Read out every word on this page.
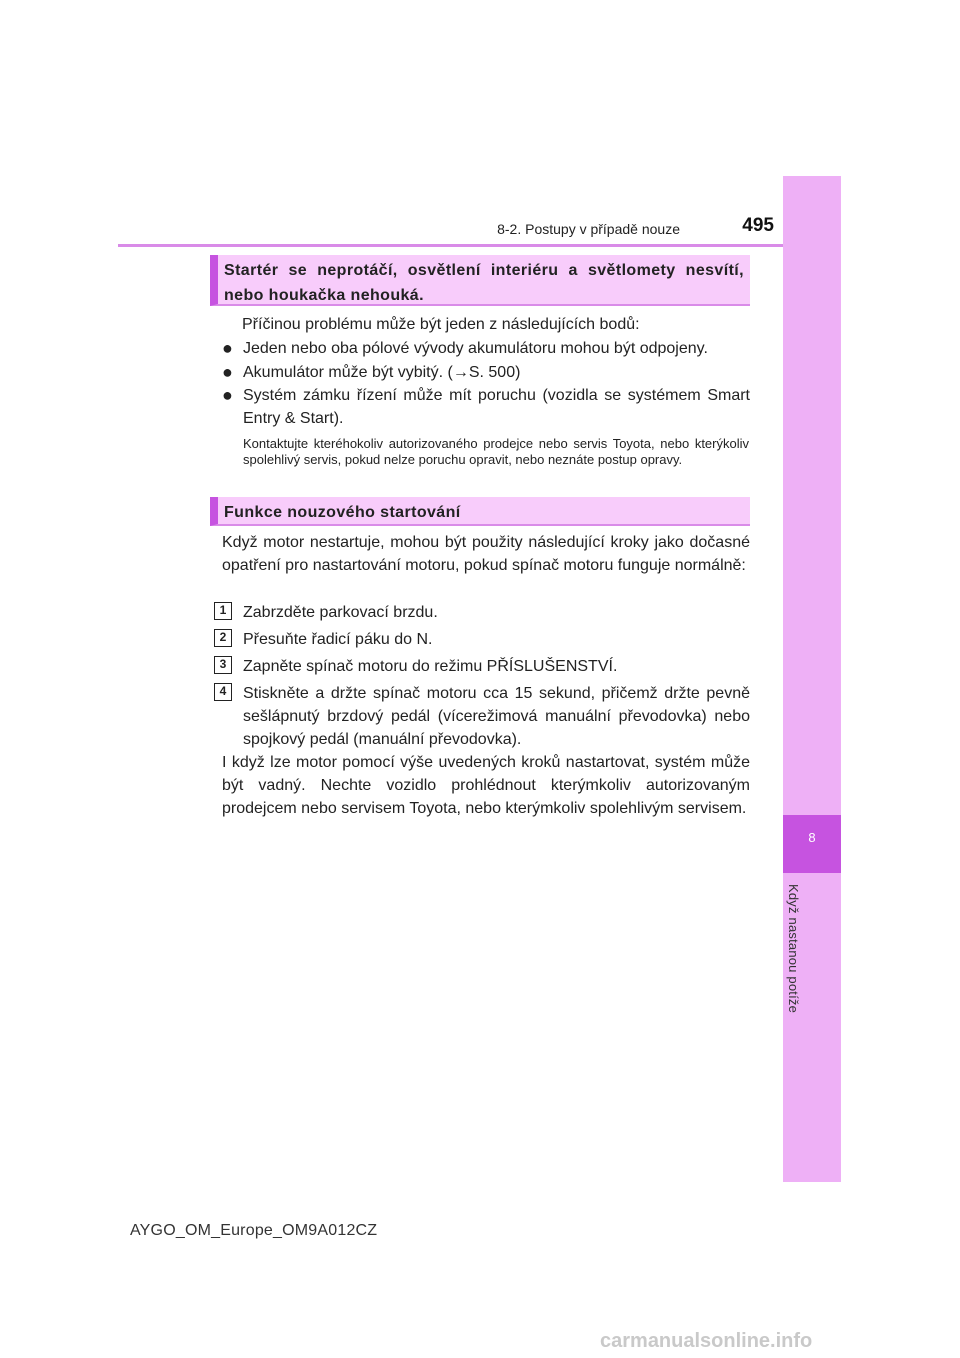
8-2. Postupy v případě nouze	495
8
Když nastanou potíže
Startér se neprotáčí, osvětlení interiéru a světlomety nesvítí, nebo houkačka nehouká.
Příčinou problému může být jeden z následujících bodů:
● Jeden nebo oba pólové vývody akumulátoru mohou být odpojeny.
● Akumulátor může být vybitý. (→S. 500)
● Systém zámku řízení může mít poruchu (vozidla se systémem Smart Entry & Start).
Kontaktujte kteréhokoliv autorizovaného prodejce nebo servis Toyota, nebo kterýkoliv spolehlivý servis, pokud nelze poruchu opravit, nebo neznáte postup opravy.
Funkce nouzového startování
Když motor nestartuje, mohou být použity následující kroky jako dočasné opatření pro nastartování motoru, pokud spínač motoru funguje normálně:
1	Zabrzděte parkovací brzdu.
2	Přesuňte řadicí páku do N.
3	Zapněte spínač motoru do režimu PŘÍSLUŠENSTVÍ.
4	Stiskněte a držte spínač motoru cca 15 sekund, přičemž držte pevně sešlápnutý brzdový pedál (vícerežimová manuální převodovka) nebo spojkový pedál (manuální převodovka).
I když lze motor pomocí výše uvedených kroků nastartovat, systém může být vadný. Nechte vozidlo prohlédnout kterýmkoliv autorizovaným prodejcem nebo servisem Toyota, nebo kterýmkoliv spolehlivým servisem.
AYGO_OM_Europe_OM9A012CZ
carmanualsonline.info
